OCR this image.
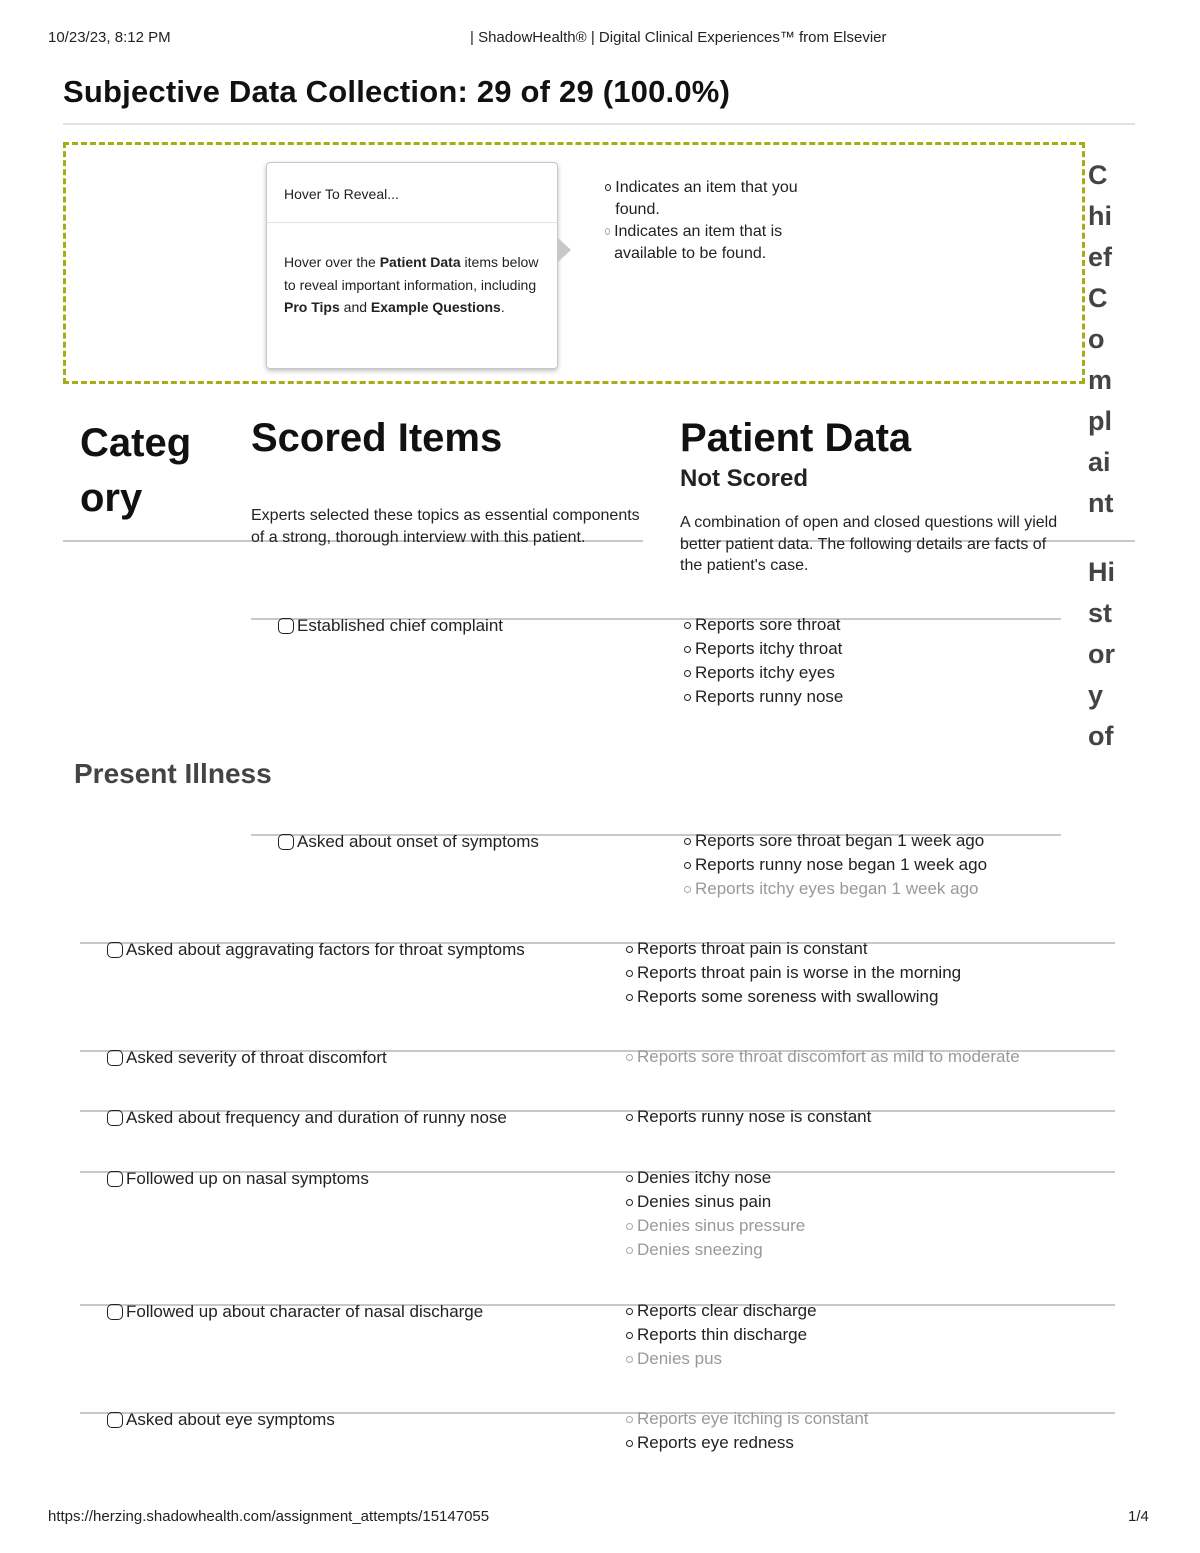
10/23/23, 8:12 PM	| ShadowHealth® | Digital Clinical Experiences™ from Elsevier
https://herzing.shadowhealth.com/assignment_attempts/15147055	1/4
Subjective Data Collection: 29 of 29 (100.0%)
Hover To Reveal...
Hover over the Patient Data items below to reveal important information, including Pro Tips and Example Questions.
Indicates an item that you found.
Indicates an item that is available to be found.
C
hi
ef
C
o
m
pl
ai
nt
Hi
st
or
y
of
Categ ory
Scored Items	Patient Data
Not Scored
Experts selected these topics as essential components of a strong, thorough interview with this patient.
A combination of open and closed questions will yield better patient data. The following details are facts of the patient's case.
Present Illness
Established chief complaint	Reports sore throat
Reports itchy throat
Reports itchy eyes
Reports runny nose
Asked about onset of symptoms	Reports sore throat began 1 week ago
Reports runny nose began 1 week ago
Reports itchy eyes began 1 week ago
Asked about aggravating factors for throat symptoms	Reports throat pain is constant
Reports throat pain is worse in the morning
Reports some soreness with swallowing
Asked severity of throat discomfort	Reports sore throat discomfort as mild to moderate
Asked about frequency and duration of runny nose	Reports runny nose is constant
Followed up on nasal symptoms	Denies itchy nose
Denies sinus pain
Denies sinus pressure
Denies sneezing
Followed up about character of nasal discharge	Reports clear discharge
Reports thin discharge
Denies pus
Asked about eye symptoms	Reports eye itching is constant
Reports eye redness
